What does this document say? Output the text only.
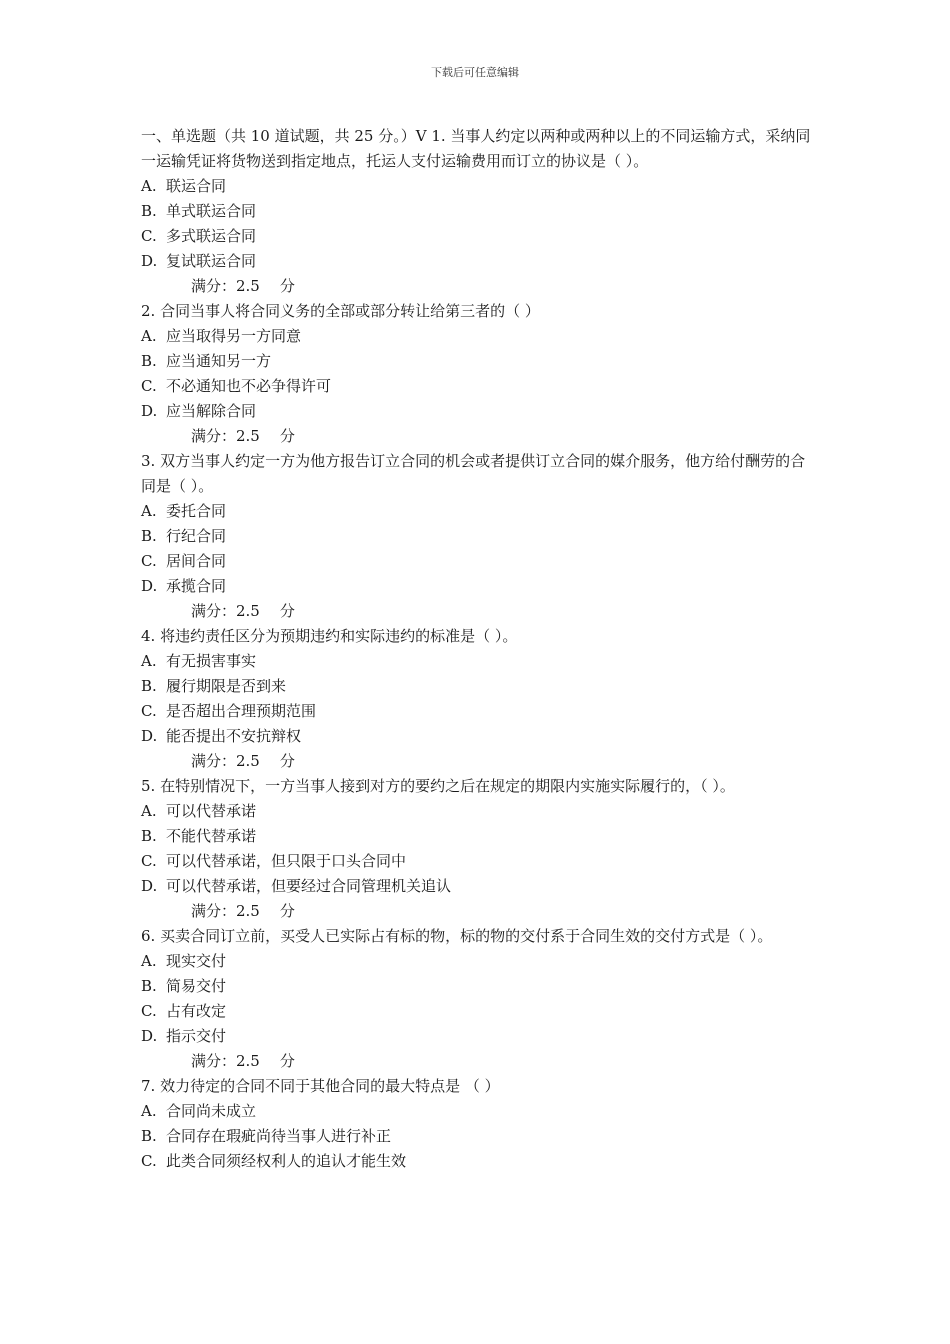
下载后可任意编辑
一、单选题（共 10 道试题，共 25 分。）V 1. 当事人约定以两种或两种以上的不同运输方式，采纳同一运输凭证将货物送到指定地点，托运人支付运输费用而订立的协议是（ ）。
A. 联运合同
B. 单式联运合同
C. 多式联运合同
D. 复试联运合同
满分：2.5 分
2. 合同当事人将合同义务的全部或部分转让给第三者的（ ）
A. 应当取得另一方同意
B. 应当通知另一方
C. 不必通知也不必争得许可
D. 应当解除合同
满分：2.5 分
3. 双方当事人约定一方为他方报告订立合同的机会或者提供订立合同的媒介服务，他方给付酬劳的合同是（ ）。
A. 委托合同
B. 行纪合同
C. 居间合同
D. 承揽合同
满分：2.5 分
4. 将违约责任区分为预期违约和实际违约的标准是（ ）。
A. 有无损害事实
B. 履行期限是否到来
C. 是否超出合理预期范围
D. 能否提出不安抗辩权
满分：2.5 分
5. 在特别情况下，一方当事人接到对方的要约之后在规定的期限内实施实际履行的，（ ）。
A. 可以代替承诺
B. 不能代替承诺
C. 可以代替承诺，但只限于口头合同中
D. 可以代替承诺，但要经过合同管理机关追认
满分：2.5 分
6. 买卖合同订立前，买受人已实际占有标的物，标的物的交付系于合同生效的交付方式是（ ）。
A. 现实交付
B. 简易交付
C. 占有改定
D. 指示交付
满分：2.5 分
7. 效力待定的合同不同于其他合同的最大特点是 （ ）
A. 合同尚未成立
B. 合同存在瑕疵尚待当事人进行补正
C. 此类合同须经权利人的追认才能生效
